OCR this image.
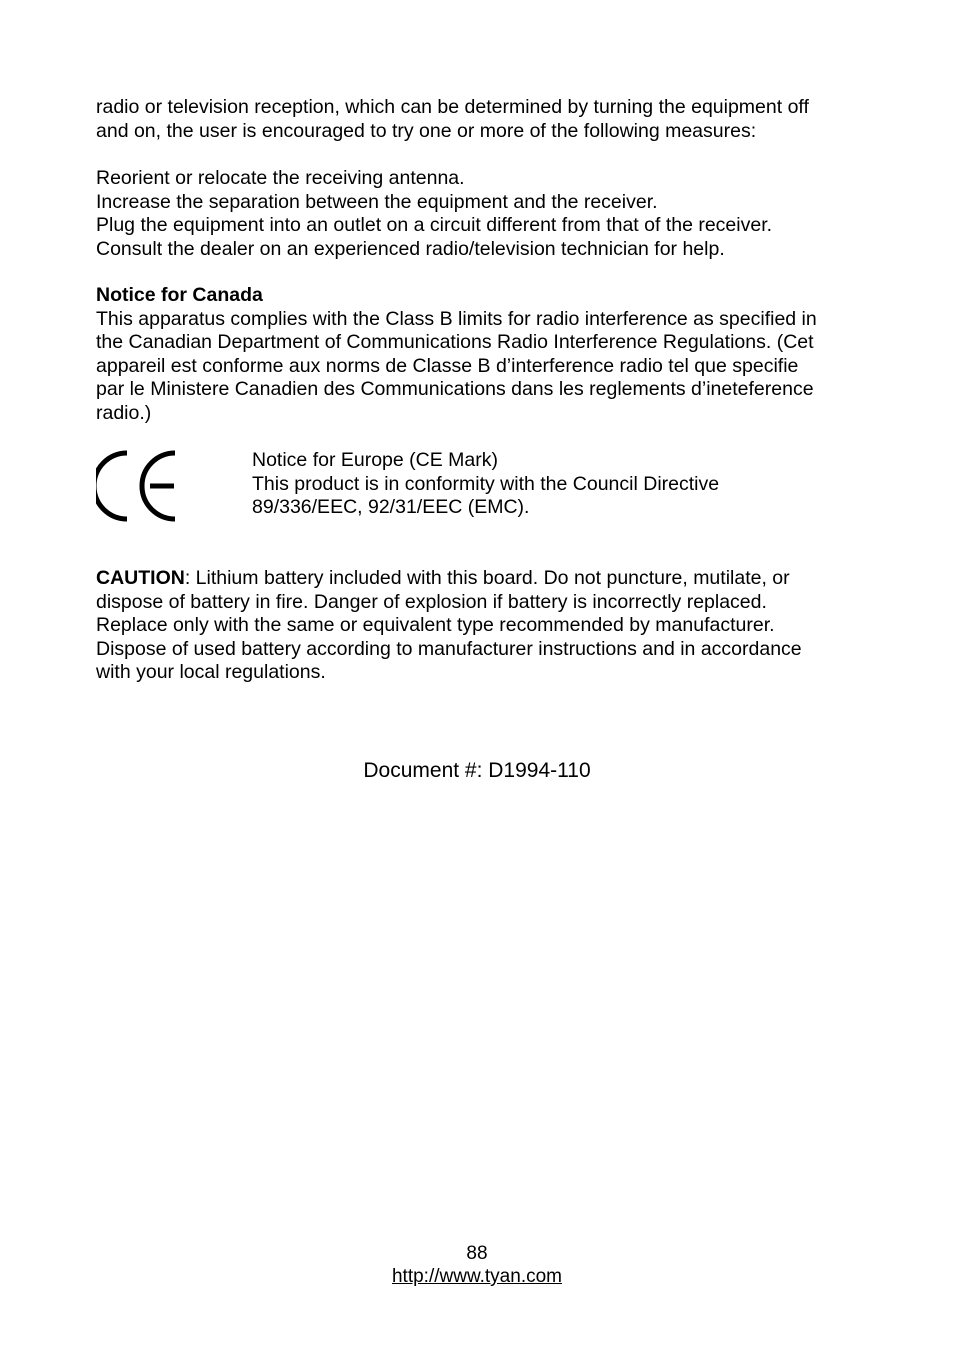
radio or television reception, which can be determined by turning the equipment off
and on, the user is encouraged to try one or more of the following measures:
Reorient or relocate the receiving antenna.
Increase the separation between the equipment and the receiver.
Plug the equipment into an outlet on a circuit different from that of the receiver.
Consult the dealer on an experienced radio/television technician for help.
Notice for Canada
This apparatus complies with the Class B limits for radio interference as specified in
the Canadian Department of Communications Radio Interference Regulations. (Cet
appareil est conforme aux norms de Classe B d’interference radio tel que specifie
par le Ministere Canadien des Communications dans les reglements d’ineteference
radio.)
Notice for Europe (CE Mark)
This product is in conformity with the Council Directive
89/336/EEC, 92/31/EEC (EMC).
CAUTION: Lithium battery included with this board. Do not puncture, mutilate, or
dispose of battery in fire. Danger of explosion if battery is incorrectly replaced.
Replace only with the same or equivalent type recommended by manufacturer.
Dispose of used battery according to manufacturer instructions and in accordance
with your local regulations.
Document #: D1994-110
88
http://www.tyan.com
